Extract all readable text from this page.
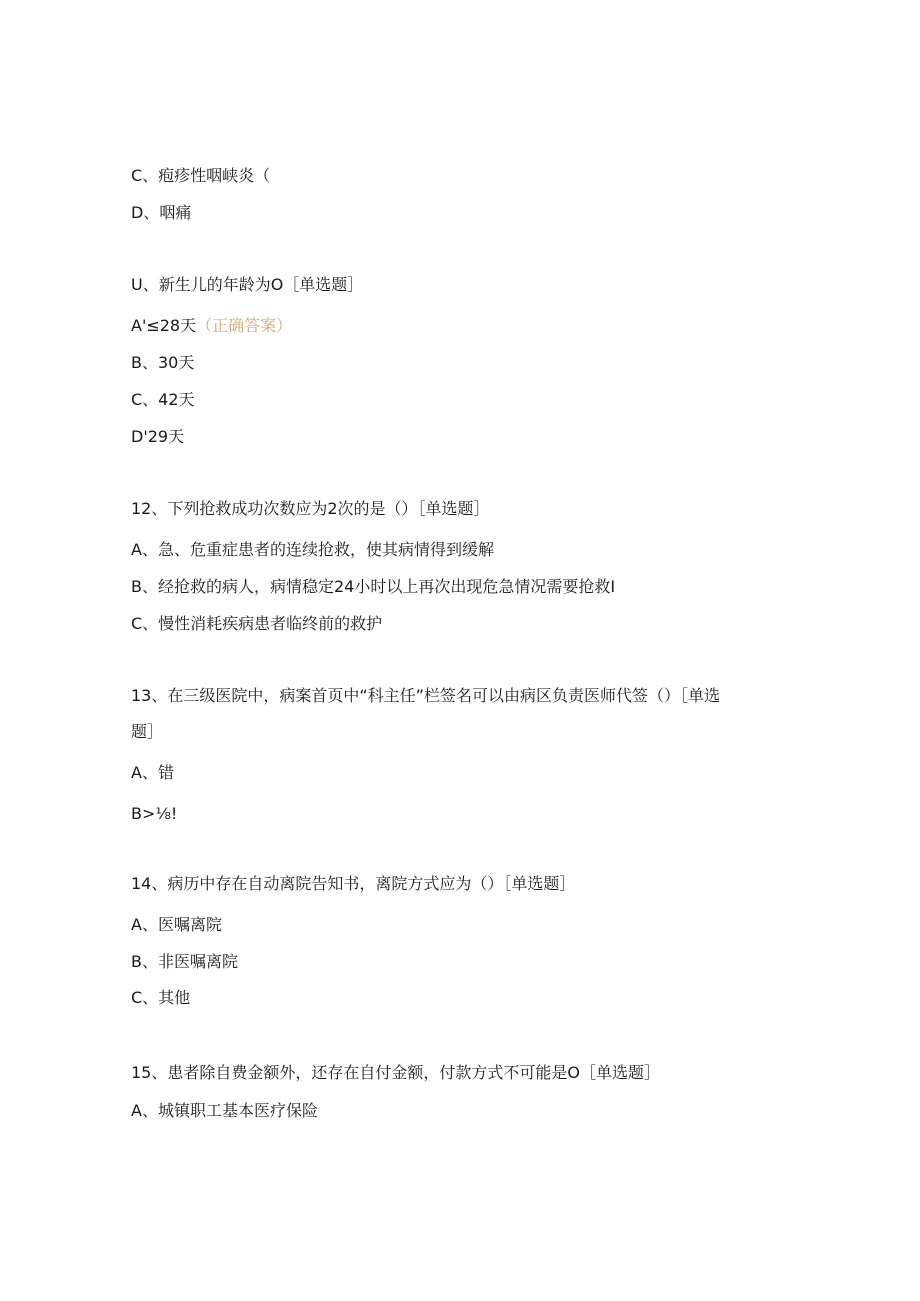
C、疱疹性咽峡炎（
D、咽痛
U、新生儿的年龄为O［单选题］
A'≤28天（正确答案）
B、30天
C、42天
D'29天
12、下列抢救成功次数应为2次的是（）［单选题］
A、急、危重症患者的连续抢救，使其病情得到缓解
B、经抢救的病人，病情稳定24小时以上再次出现危急情况需要抢救I
C、慢性消耗疾病患者临终前的救护
13、在三级医院中，病案首页中“科主任”栏签名可以由病区负责医师代签（）［单选
题］
A、错
B>⅛!
14、病历中存在自动离院告知书，离院方式应为（）［单选题］
A、医嘱离院
B、非医嘱离院
C、其他
15、患者除自费金额外，还存在自付金额，付款方式不可能是O［单选题］
A、城镇职工基本医疗保险
